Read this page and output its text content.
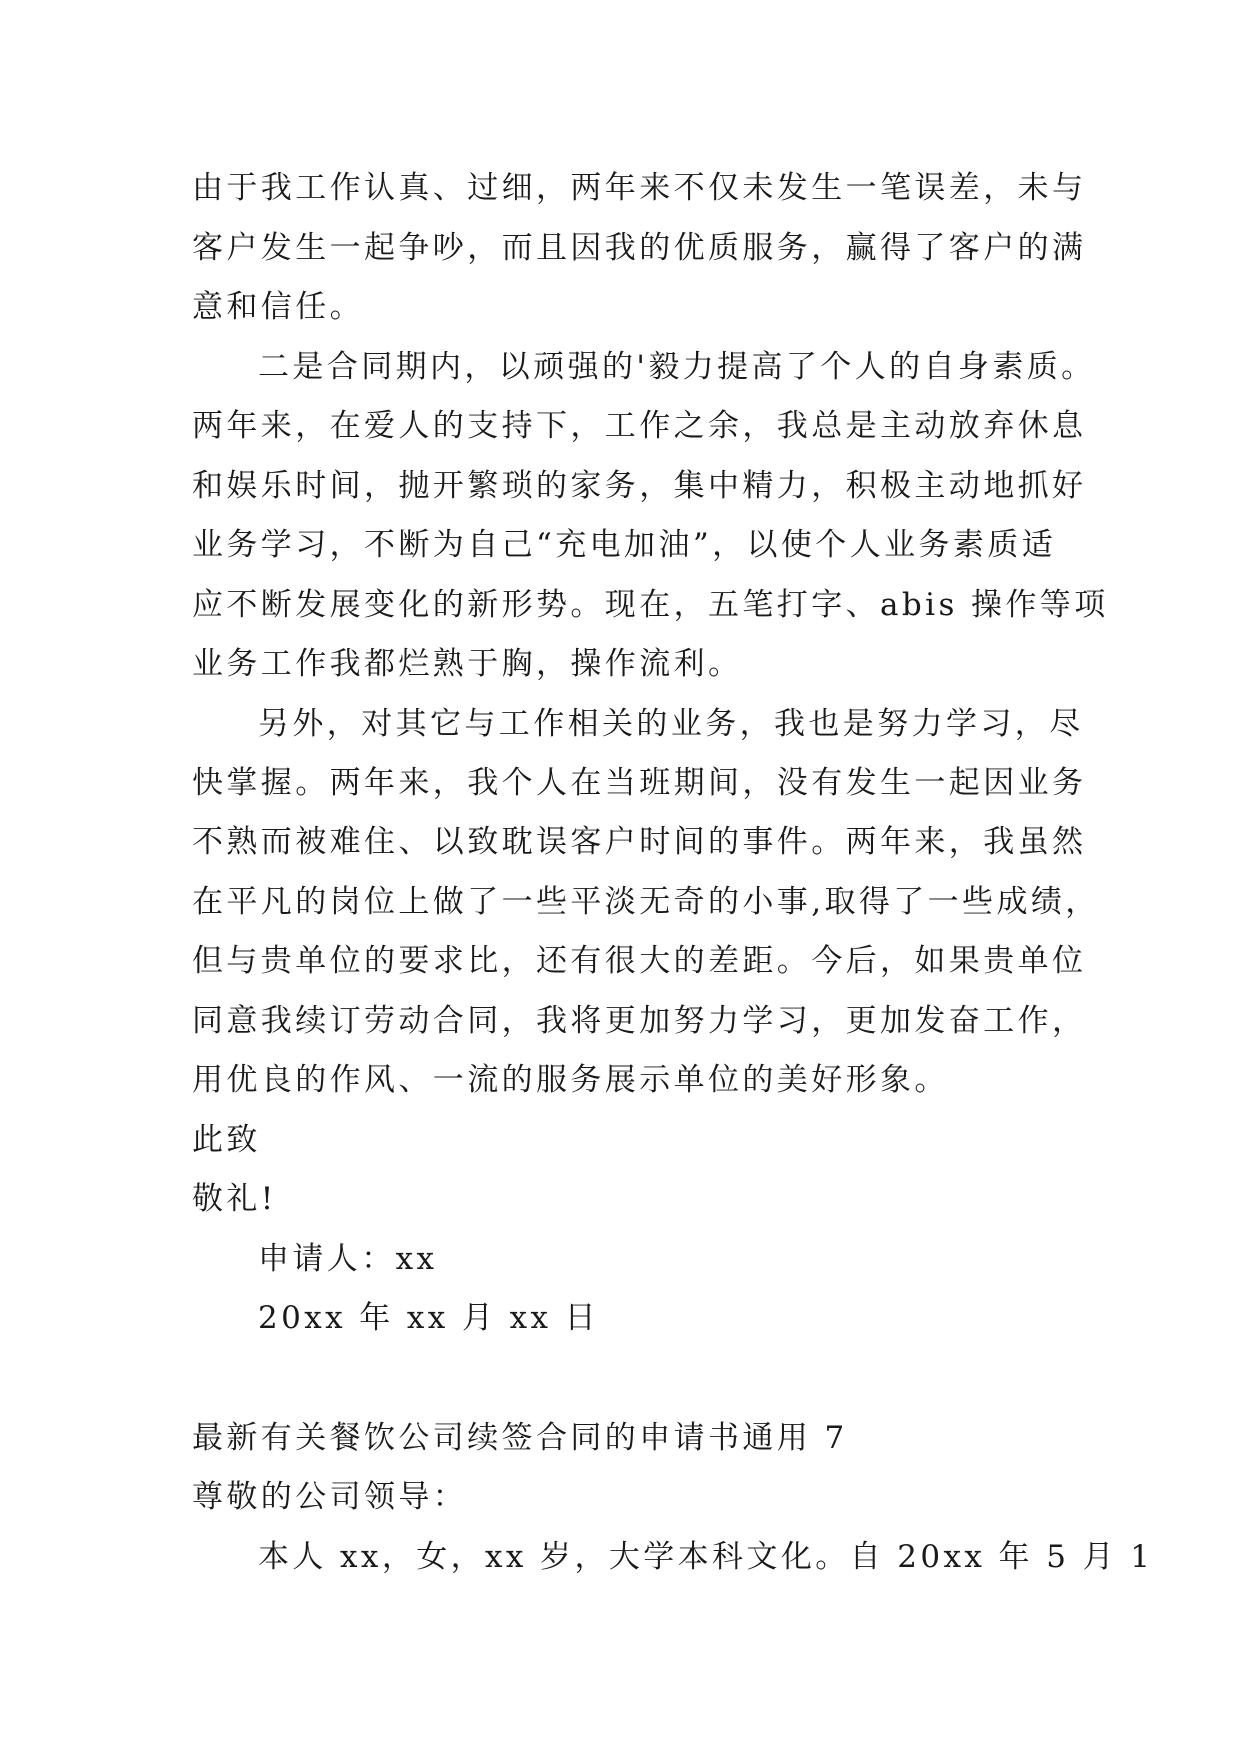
由于我工作认真、过细，两年来不仅未发生一笔误差，未与

客户发生一起争吵，而且因我的优质服务，赢得了客户的满

意和信任。

二是合同期内，以顽强的'毅力提高了个人的自身素质。

两年来，在爱人的支持下，工作之余，我总是主动放弃休息

和娱乐时间，抛开繁琐的家务，集中精力，积极主动地抓好

业务学习，不断为自己“充电加油”，以使个人业务素质适

应不断发展变化的新形势。现在，五笔打字、abis 操作等项

业务工作我都烂熟于胸，操作流利。

另外，对其它与工作相关的业务，我也是努力学习，尽

快掌握。两年来，我个人在当班期间，没有发生一起因业务

不熟而被难住、以致耽误客户时间的事件。两年来，我虽然

在平凡的岗位上做了一些平淡无奇的小事,取得了一些成绩，

但与贵单位的要求比，还有很大的差距。今后，如果贵单位

同意我续订劳动合同，我将更加努力学习，更加发奋工作，

用优良的作风、一流的服务展示单位的美好形象。

此致

敬礼!

申请人：xx

20xx 年 xx 月 xx 日

最新有关餐饮公司续签合同的申请书通用 7

尊敬的公司领导：

本人 xx，女，xx 岁，大学本科文化。自 20xx 年 5 月 1
